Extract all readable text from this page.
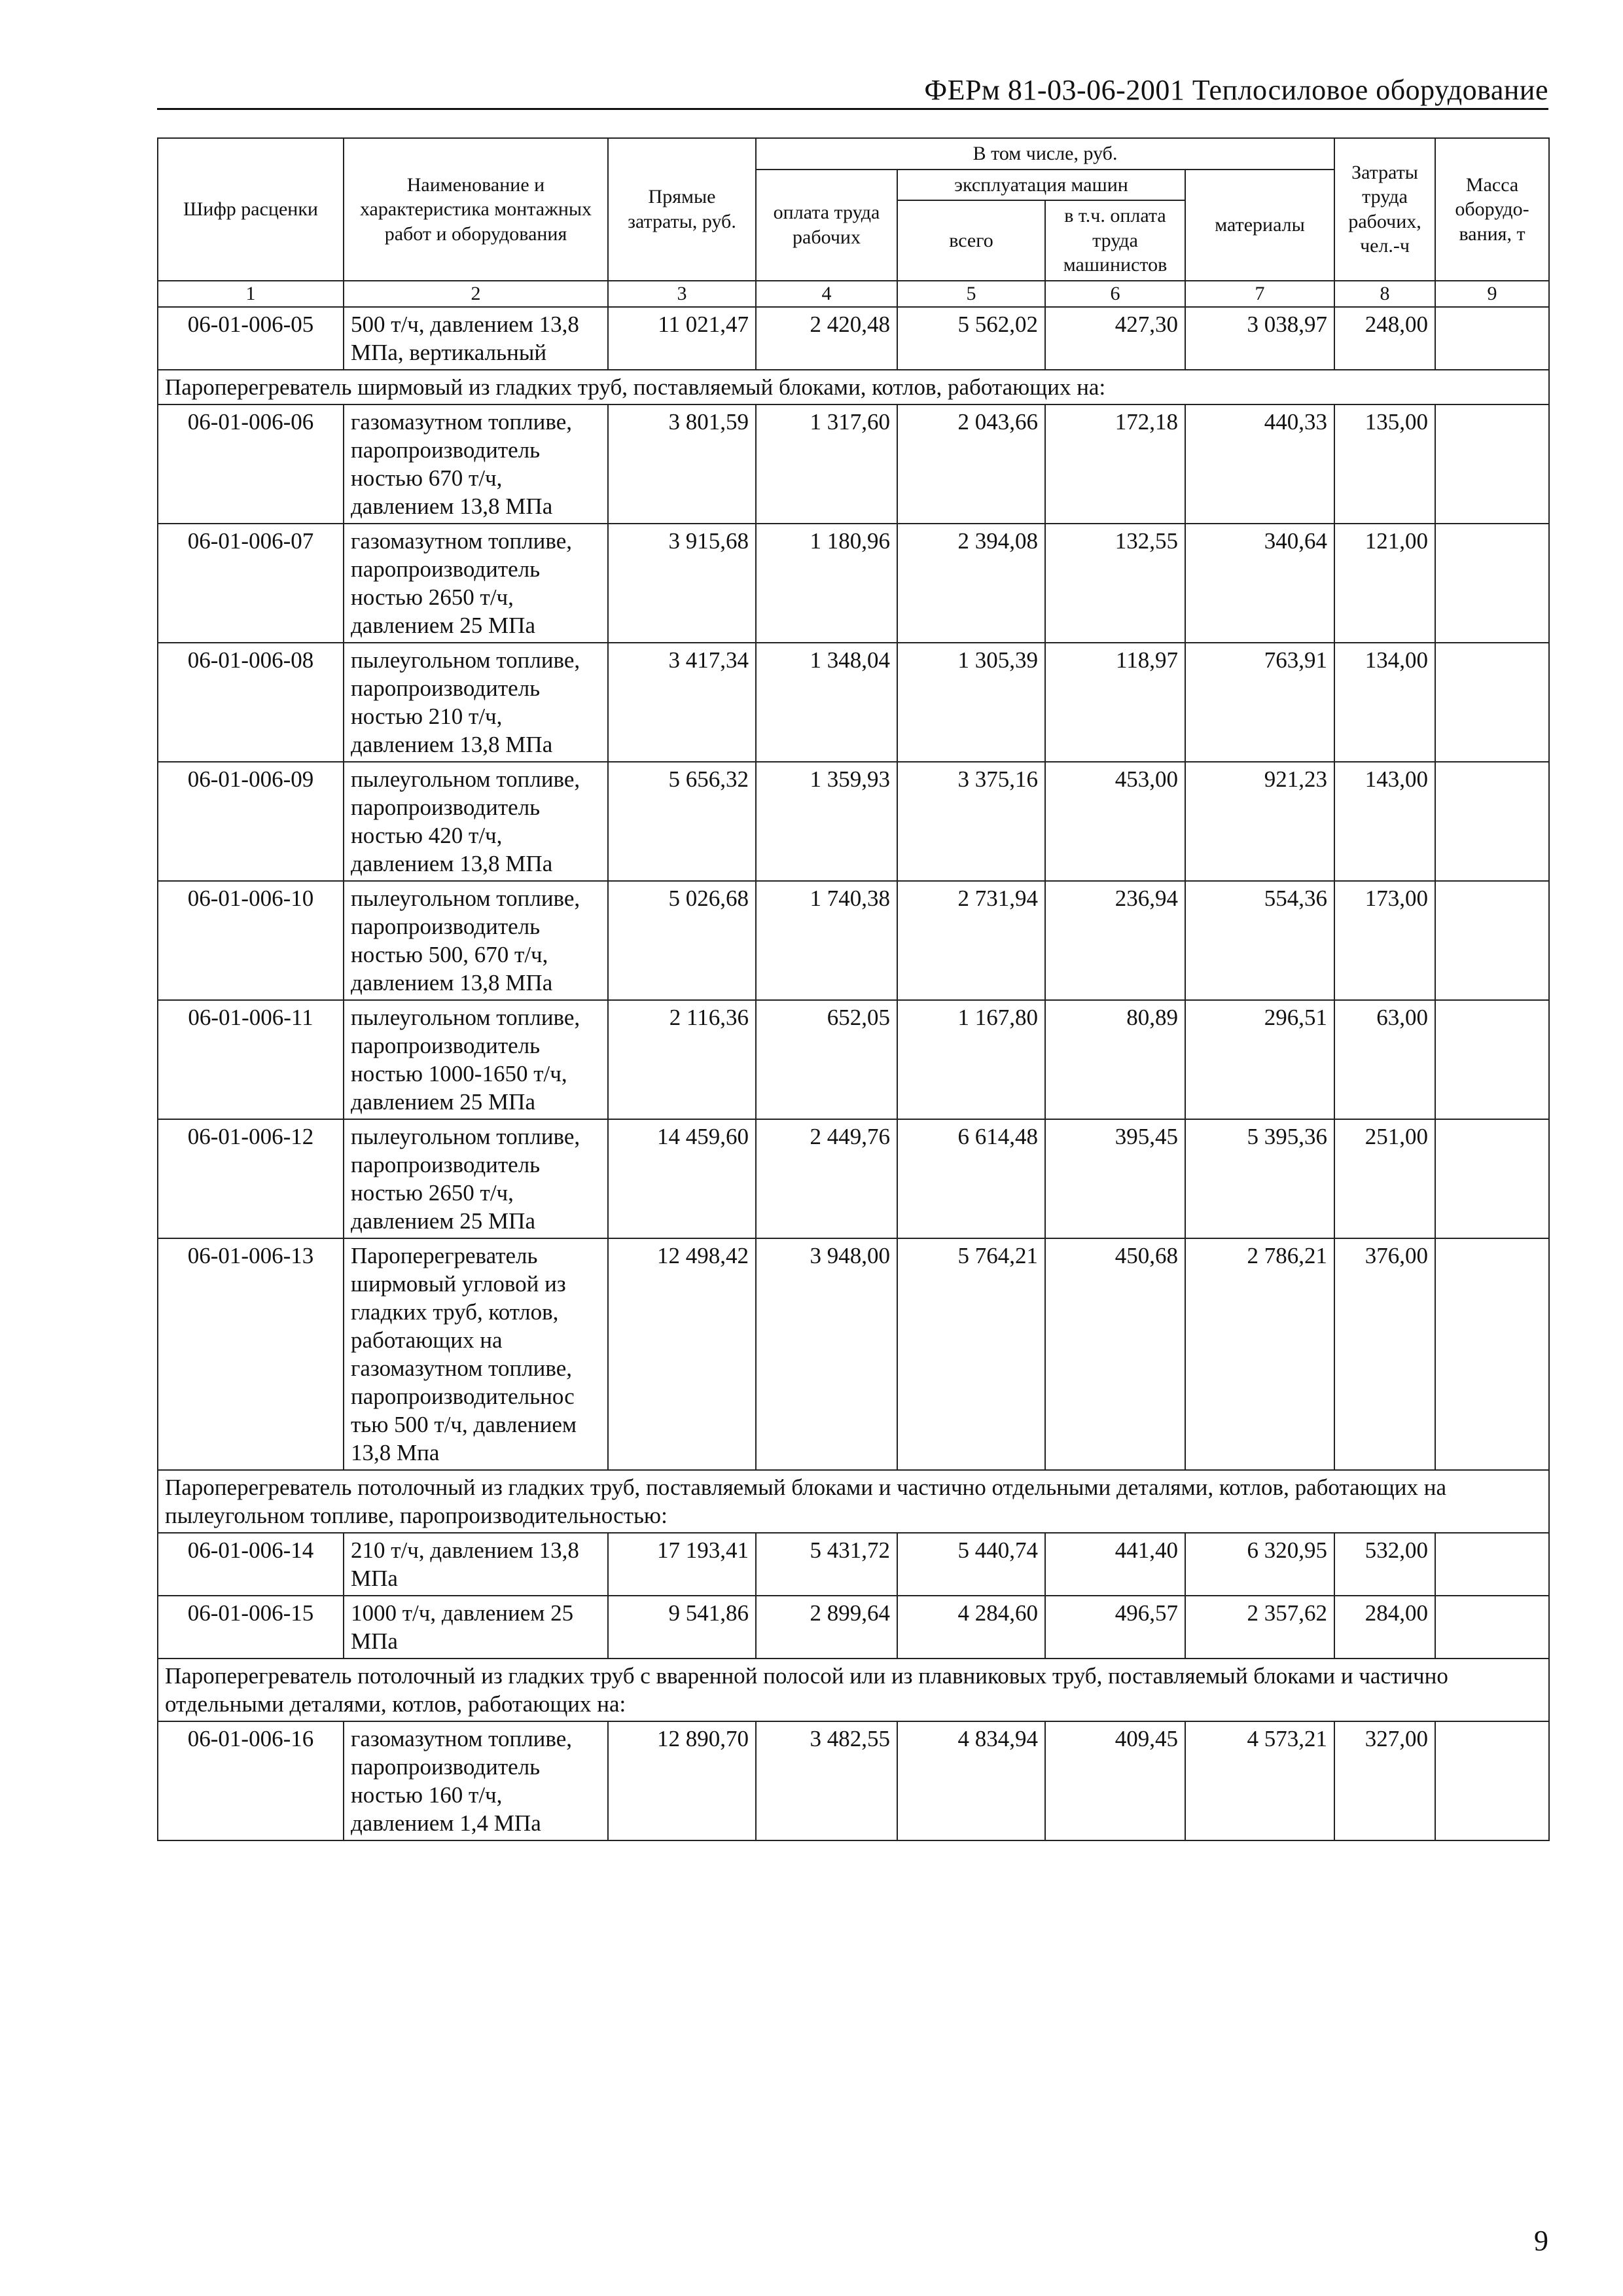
ФЕРм 81-03-06-2001 Теплосиловое оборудование
Шифр расценки	Наименование и характеристика монтажных работ и оборудования	Прямые затраты, руб.	В том числе, руб.				Затраты труда рабочих, чел.-ч	Масса оборудо- вания, т
			оплата труда рабочих	эксплуатация машин		материалы		
				всего	в т.ч. оплата труда машинистов			
1	2	3	4	5	6	7	8	9
06-01-006-05	500 т/ч, давлением 13,8 МПа, вертикальный	11 021,47	2 420,48	5 562,02	427,30	3 038,97	248,00	
Пароперегреватель ширмовый из гладких труб, поставляемый блоками, котлов, работающих на:								
06-01-006-06	газомазутном топливе, паропроизводитель ностью 670 т/ч, давлением 13,8 МПа	3 801,59	1 317,60	2 043,66	172,18	440,33	135,00	
06-01-006-07	газомазутном топливе, паропроизводитель ностью 2650 т/ч, давлением 25 МПа	3 915,68	1 180,96	2 394,08	132,55	340,64	121,00	
06-01-006-08	пылеугольном топливе, паропроизводитель ностью 210 т/ч, давлением 13,8 МПа	3 417,34	1 348,04	1 305,39	118,97	763,91	134,00	
06-01-006-09	пылеугольном топливе, паропроизводитель ностью 420 т/ч, давлением 13,8 МПа	5 656,32	1 359,93	3 375,16	453,00	921,23	143,00	
06-01-006-10	пылеугольном топливе, паропроизводитель ностью 500, 670 т/ч, давлением 13,8 МПа	5 026,68	1 740,38	2 731,94	236,94	554,36	173,00	
06-01-006-11	пылеугольном топливе, паропроизводитель ностью 1000-1650 т/ч, давлением 25 МПа	2 116,36	652,05	1 167,80	80,89	296,51	63,00	
06-01-006-12	пылеугольном топливе, паропроизводитель ностью 2650 т/ч, давлением 25 МПа	14 459,60	2 449,76	6 614,48	395,45	5 395,36	251,00	
06-01-006-13	Пароперегреватель ширмовый угловой из гладких труб, котлов, работающих на газомазутном топливе, паропроизводительнос тью 500 т/ч, давлением 13,8 Мпа	12 498,42	3 948,00	5 764,21	450,68	2 786,21	376,00	
Пароперегреватель потолочный из гладких труб, поставляемый блоками и частично отдельными деталями, котлов, работающих на пылеугольном топливе, паропроизводительностью:								
06-01-006-14	210 т/ч, давлением 13,8 МПа	17 193,41	5 431,72	5 440,74	441,40	6 320,95	532,00	
06-01-006-15	1000 т/ч, давлением 25 МПа	9 541,86	2 899,64	4 284,60	496,57	2 357,62	284,00	
Пароперегреватель потолочный из гладких труб с вваренной полосой или из плавниковых труб, поставляемый блоками и частично отдельными деталями, котлов, работающих на:								
06-01-006-16	газомазутном топливе, паропроизводитель ностью 160 т/ч, давлением 1,4 МПа	12 890,70	3 482,55	4 834,94	409,45	4 573,21	327,00	
9
